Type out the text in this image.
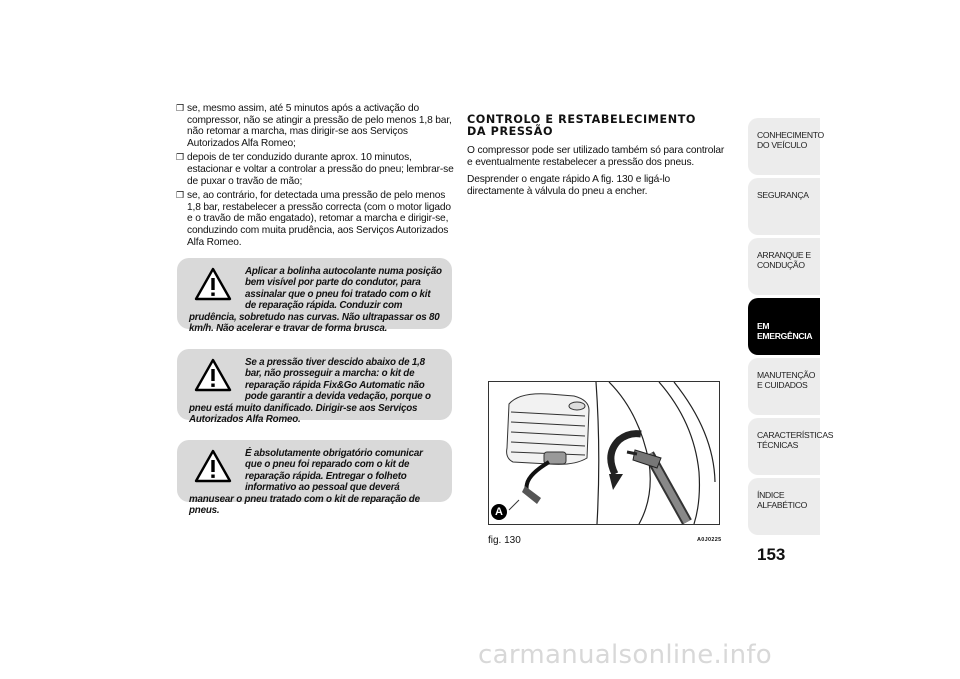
❒ se, mesmo assim, até 5 minutos após a activação do compressor, não se atingir a pressão de pelo menos 1,8 bar, não retomar a marcha, mas dirigir-se aos Serviços Autorizados Alfa Romeo;
❒ depois de ter conduzido durante aprox. 10 minutos, estacionar e voltar a controlar a pressão do pneu; lembrar-se de puxar o travão de mão;
❒ se, ao contrário, for detectada uma pressão de pelo menos 1,8 bar, restabelecer a pressão correcta (com o motor ligado e o travão de mão engatado), retomar a marcha e dirigir-se, conduzindo com muita prudência, aos Serviços Autorizados Alfa Romeo.
Aplicar a bolinha autocolante numa posição bem visível por parte do condutor, para assinalar que o pneu foi tratado com o kit de reparação rápida. Conduzir com prudência, sobretudo nas curvas. Não ultrapassar os 80 km/h. Não acelerar e travar de forma brusca.
Se a pressão tiver descido abaixo de 1,8 bar, não prosseguir a marcha: o kit de reparação rápida Fix&Go Automatic não pode garantir a devida vedação, porque o pneu está muito danificado. Dirigir-se aos Serviços Autorizados Alfa Romeo.
É absolutamente obrigatório comunicar que o pneu foi reparado com o kit de reparação rápida. Entregar o folheto informativo ao pessoal que deverá manusear o pneu tratado com o kit de reparação de pneus.
CONTROLO E RESTABELECIMENTO
DA PRESSÃO

O compressor pode ser utilizado também só para controlar e eventualmente restabelecer a pressão dos pneus.

Desprender o engate rápido A fig. 130 e ligá-lo directamente à válvula do pneu a encher.

A
fig. 130	A0J0225
CONHECIMENTO DO VEÍCULO
SEGURANÇA
ARRANQUE E CONDUÇÃO
EM EMERGÊNCIA
MANUTENÇÃO E CUIDADOS
CARACTERÍSTICAS TÉCNICAS
ÍNDICE ALFABÉTICO
153
carmanualsonline.info
